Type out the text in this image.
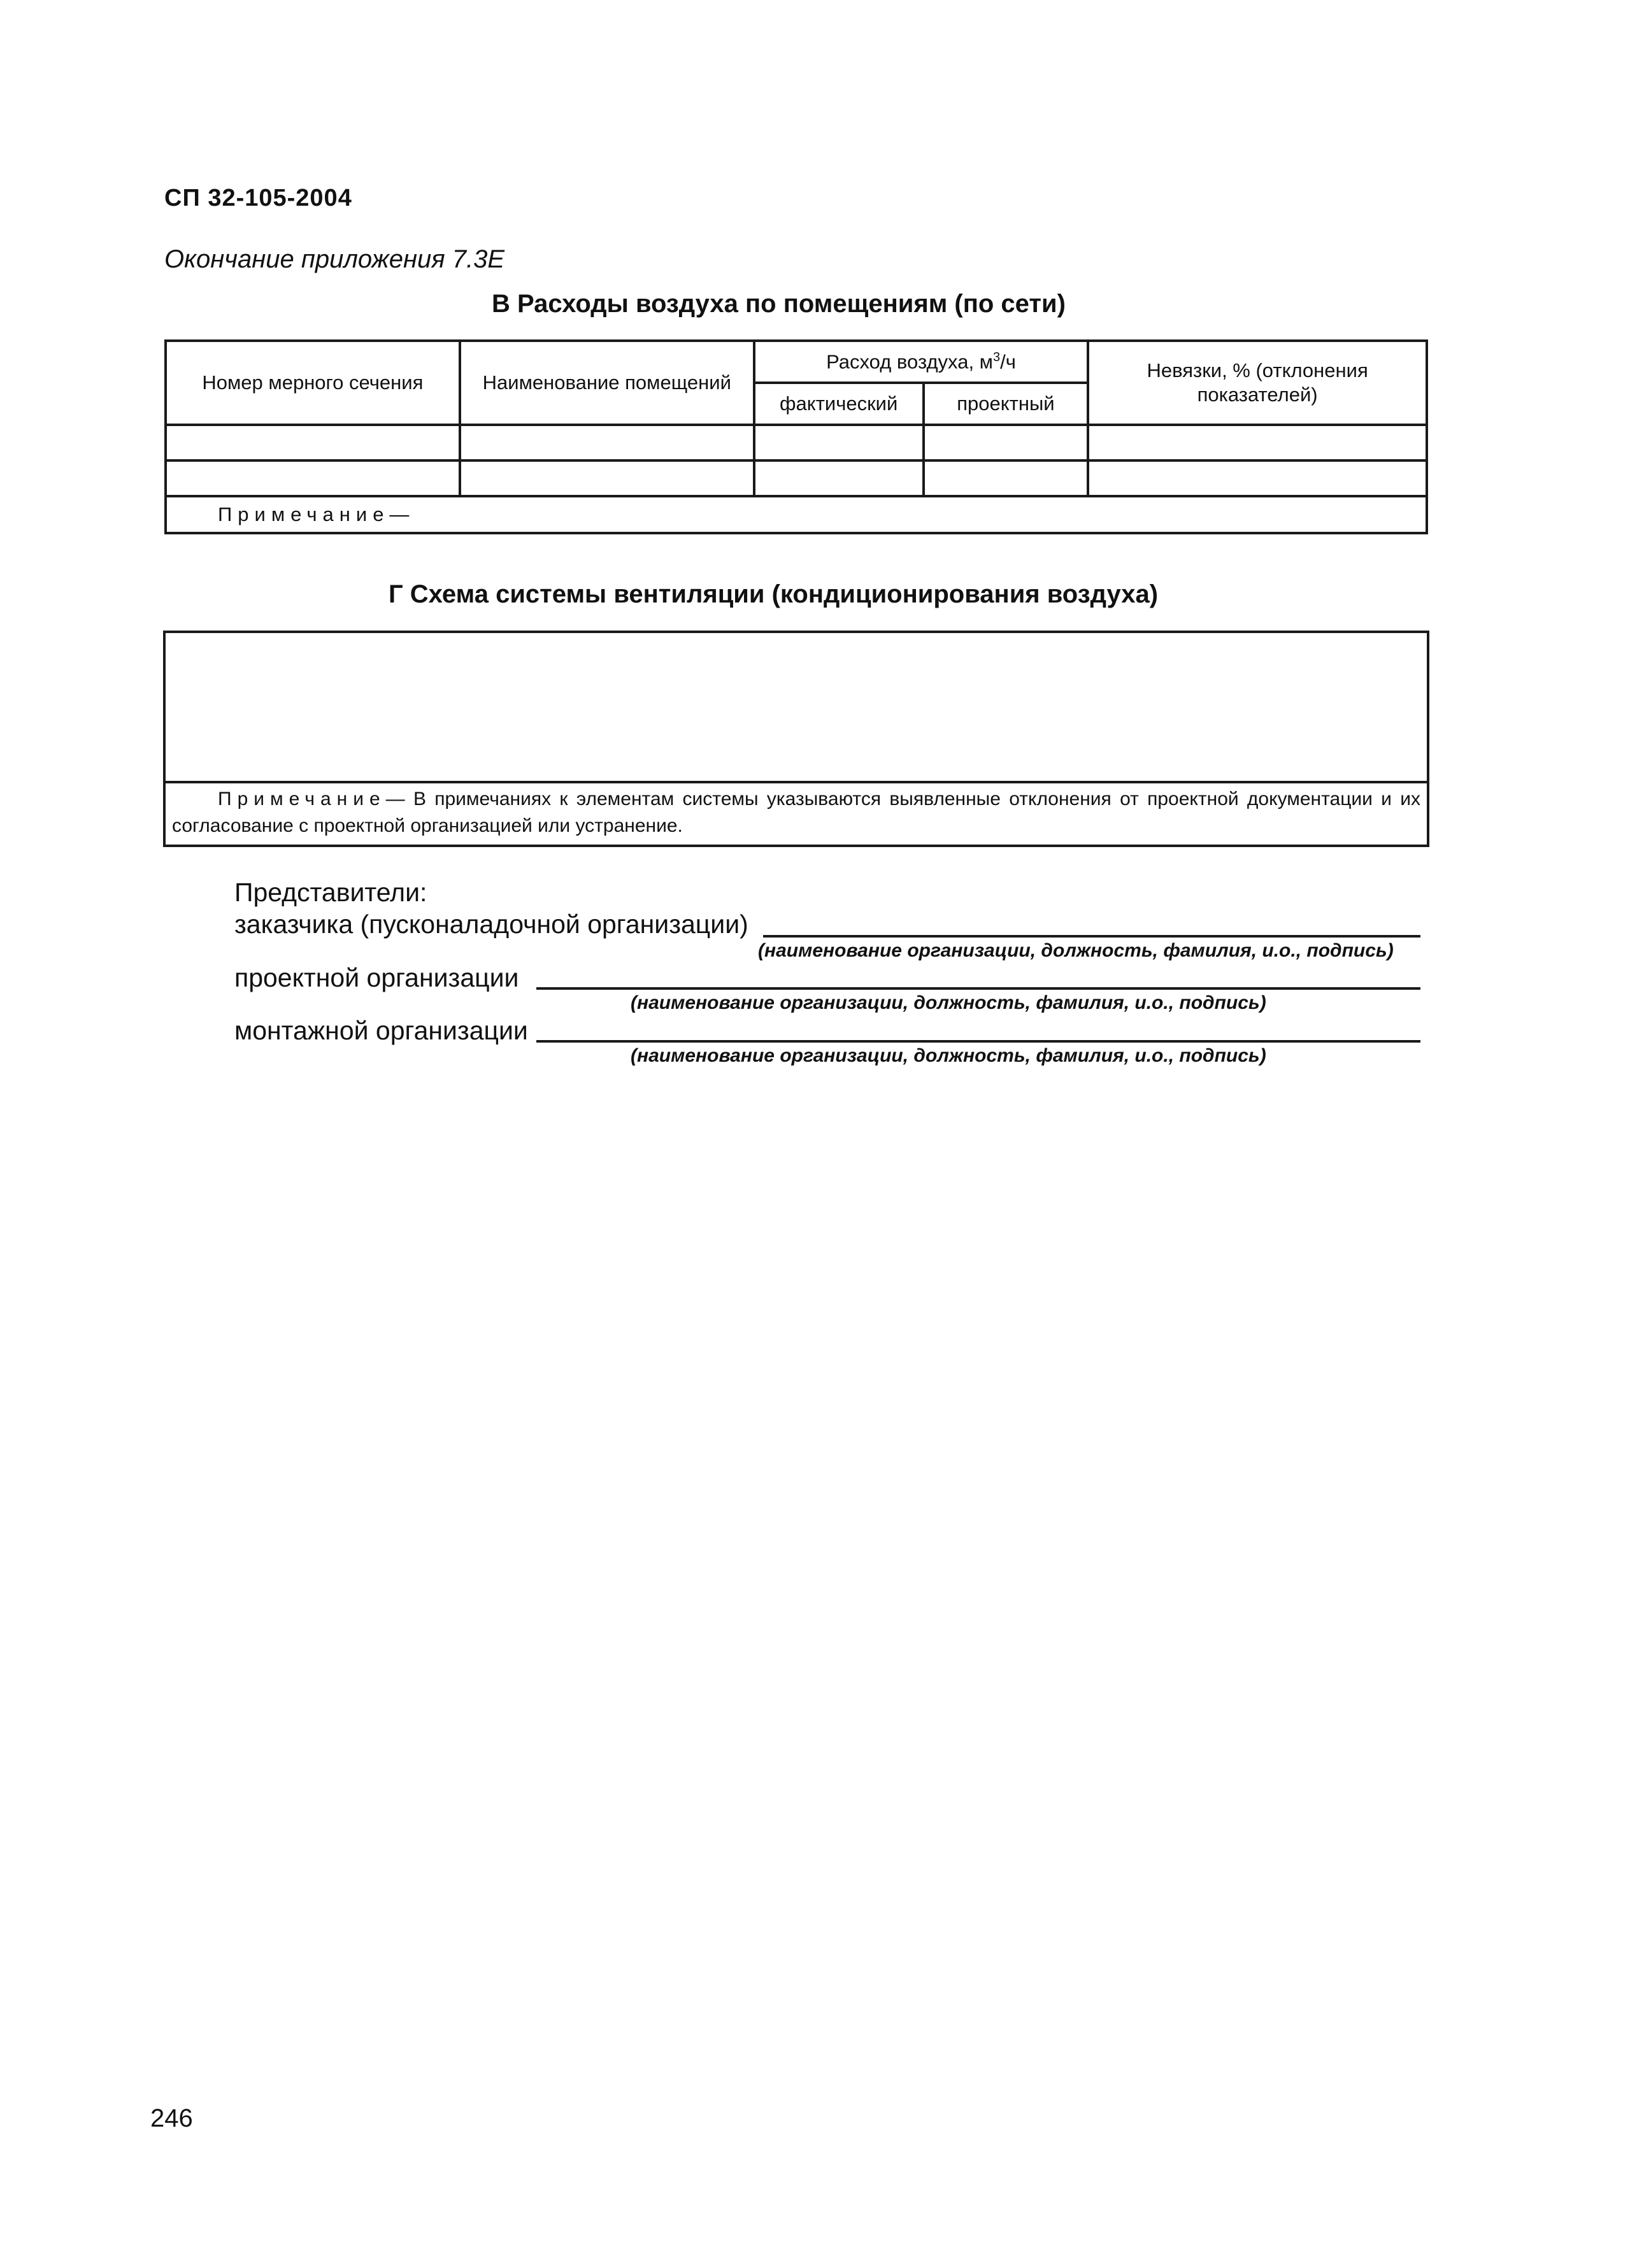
СП 32-105-2004
Окончание приложения 7.3Е
В Расходы воздуха по помещениям (по сети)
Номер мерного сечения	Наименование помещений	Расход воздуха, $м^3/ч$		Невязки, % (отклонения
показателей)
		фактический	проектный	

Примечание—				
Г Схема системы вентиляции (кондиционирования воздуха)
Примечание— В примечаниях к элементам системы указываются выявленные отклонения от проектной документации и их согласование с проектной организацией или устранение.
Представители:
заказчика (пусконаладочной организации)
(наименование организации, должность, фамилия, и.о., подпись)
проектной организации
(наименование организации, должность, фамилия, и.о., подпись)
монтажной организации
(наименование организации, должность, фамилия, и.о., подпись)
246
